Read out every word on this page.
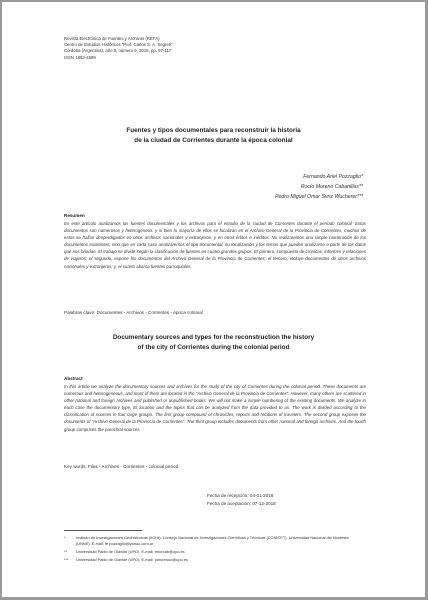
Revista Electrónica de Fuentes y Archivos (REFA)
Centro de Estudios Históricos “Prof. Carlos S. A. Segreti”
Córdoba (Argentina), año 9, número 9, 2018, pp. 97-117
ISSN 1853-4589
Fuentes y tipos documentales para reconstruir la historia
de la ciudad de Corrientes durante la época colonial
Fernando Ariel Pozzaglio*
Rocío Moreno Cabanillas**
Pedro Miguel Omar Svriz Wucherer***
Resumen
En este artículo analizamos las fuentes documentales y los archivos para el estudio de la ciudad de Corrientes durante el período colonial. Estos documentos son numerosos y heterogéneos, y si bien la mayoría de ellos se localizan en el Archivo General de la Provincia de Corrientes, muchos de estos se hallan desperdigados en otros archivos nacionales y extranjeros, y en otros éditos e inéditos. No realizaremos una simple numeración de los documentos existentes, sino que en cada caso analizaremos el tipo documental, su localización y los temas que pueden analizarse a partir de los datos que nos brindan. El trabajo se divide según la clasificación de fuentes en cuatro grandes grupos. El primero, compuesto de crónicas, informes y relaciones de viajeros; el segundo, expone los documentos del Archivo General de la Provincia de Corrientes; el tercero, incluye documentos de otros archivos nacionales y extranjeros; y, el cuarto abarca fuentes parroquiales.
Palabras clave: Documentes - Archivos - Corrientes - época colonial
Documentary sources and types for the reconstruction the history
of the city of Corrientes during the colonial period
Abstract
In this article we analyze the documentary sources and archives for the study of the city of Corrientes during the colonial period. These documents are numerous and heterogeneous, and most of them are located in the “Archivo General de la Provincia de Corrientes”. However, many others are scattered in other national and foreign archives and published or unpublished books. We will not make a simple numbering of the existing documents. We analyze in each case the documentary type, its location and the topics that can be analyzed from the data provided to us. The work is divided according to the classification of sources in four large groups. The first group compound of chronicles, reports and relations of travelers. The second group exposes the documents of “Archivo General de la Provincia de Corrientes”. The third group includes documents from other national and foreign archives. And the fourth group comprises the parochial sources.
Key words: Files - Archives - Corrientes - colonial period
Fecha de recepción: 04-01-2018
Fecha de aceptación: 07-12-2018
*	Instituto de Investigaciones Geohistóricas (IIGHI), Consejo Nacional de Investigaciones Científicas y Técnicas (CONICET), Universidad Nacional del Nordeste (UNNE). E-mail: fe.pozzaglio@yahoo.com.ar
**	Universidad Pablo de Olavide (UPO). E-mail: rmorcab@upo.es
***	Universidad Pablo de Olavide (UPO). E-mail: pmsvrwuc@upo.es
